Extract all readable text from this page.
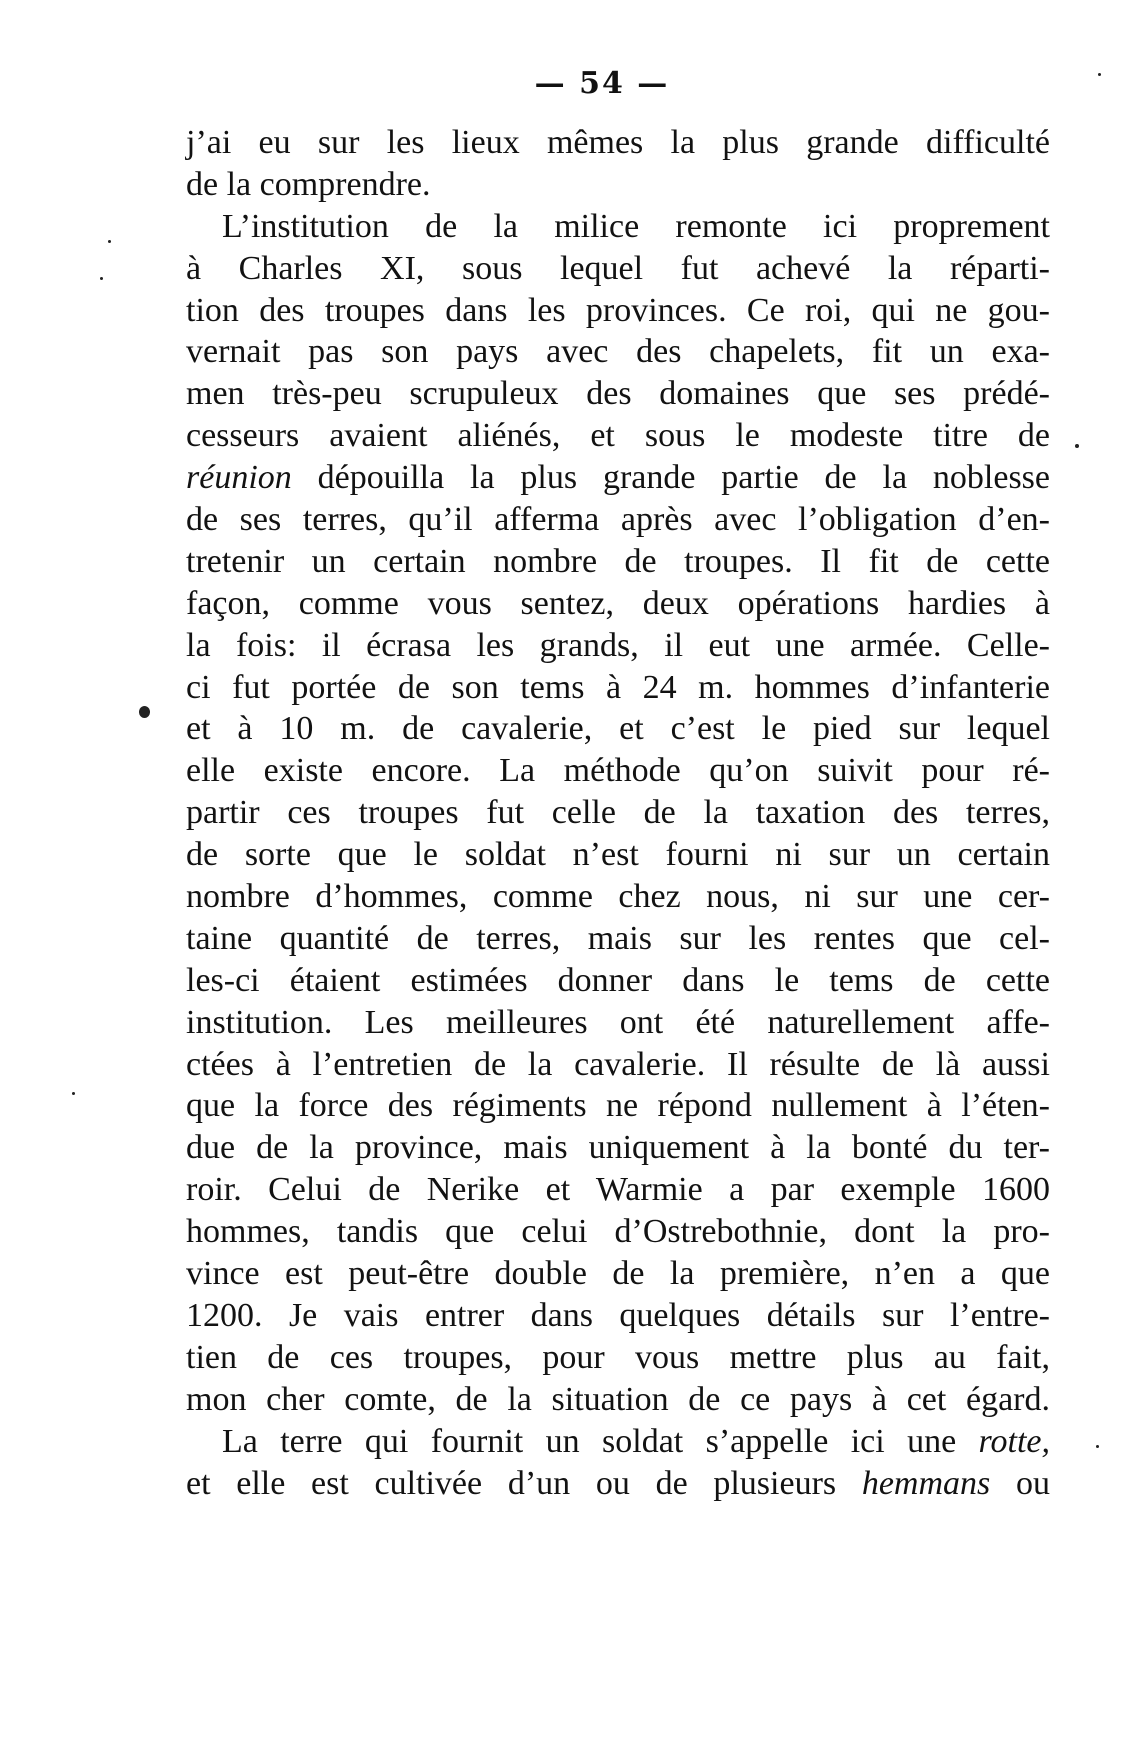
— 54 —
j’ai eu sur les lieux mêmes la plus grande difficulté
de la comprendre.
L’institution de la milice remonte ici proprement
à Charles XI, sous lequel fut achevé la réparti-
tion des troupes dans les provinces. Ce roi, qui ne gou-
vernait pas son pays avec des chapelets, fit un exa-
men très-peu scrupuleux des domaines que ses prédé-
cesseurs avaient aliénés, et sous le modeste titre de
réunion dépouilla la plus grande partie de la noblesse
de ses terres, qu’il afferma après avec l’obligation d’en-
tretenir un certain nombre de troupes. Il fit de cette
façon, comme vous sentez, deux opérations hardies à
la fois: il écrasa les grands, il eut une armée. Celle-
ci fut portée de son tems à 24 m. hommes d’infanterie
et à 10 m. de cavalerie, et c’est le pied sur lequel
elle existe encore. La méthode qu’on suivit pour ré-
partir ces troupes fut celle de la taxation des terres,
de sorte que le soldat n’est fourni ni sur un certain
nombre d’hommes, comme chez nous, ni sur une cer-
taine quantité de terres, mais sur les rentes que cel-
les-ci étaient estimées donner dans le tems de cette
institution. Les meilleures ont été naturellement affe-
ctées à l’entretien de la cavalerie. Il résulte de là aussi
que la force des régiments ne répond nullement à l’éten-
due de la province, mais uniquement à la bonté du ter-
roir. Celui de Nerike et Warmie a par exemple 1600
hommes, tandis que celui d’Ostrebothnie, dont la pro-
vince est peut-être double de la première, n’en a que
1200. Je vais entrer dans quelques détails sur l’entre-
tien de ces troupes, pour vous mettre plus au fait,
mon cher comte, de la situation de ce pays à cet égard.
La terre qui fournit un soldat s’appelle ici une rotte,
et elle est cultivée d’un ou de plusieurs hemmans ou
